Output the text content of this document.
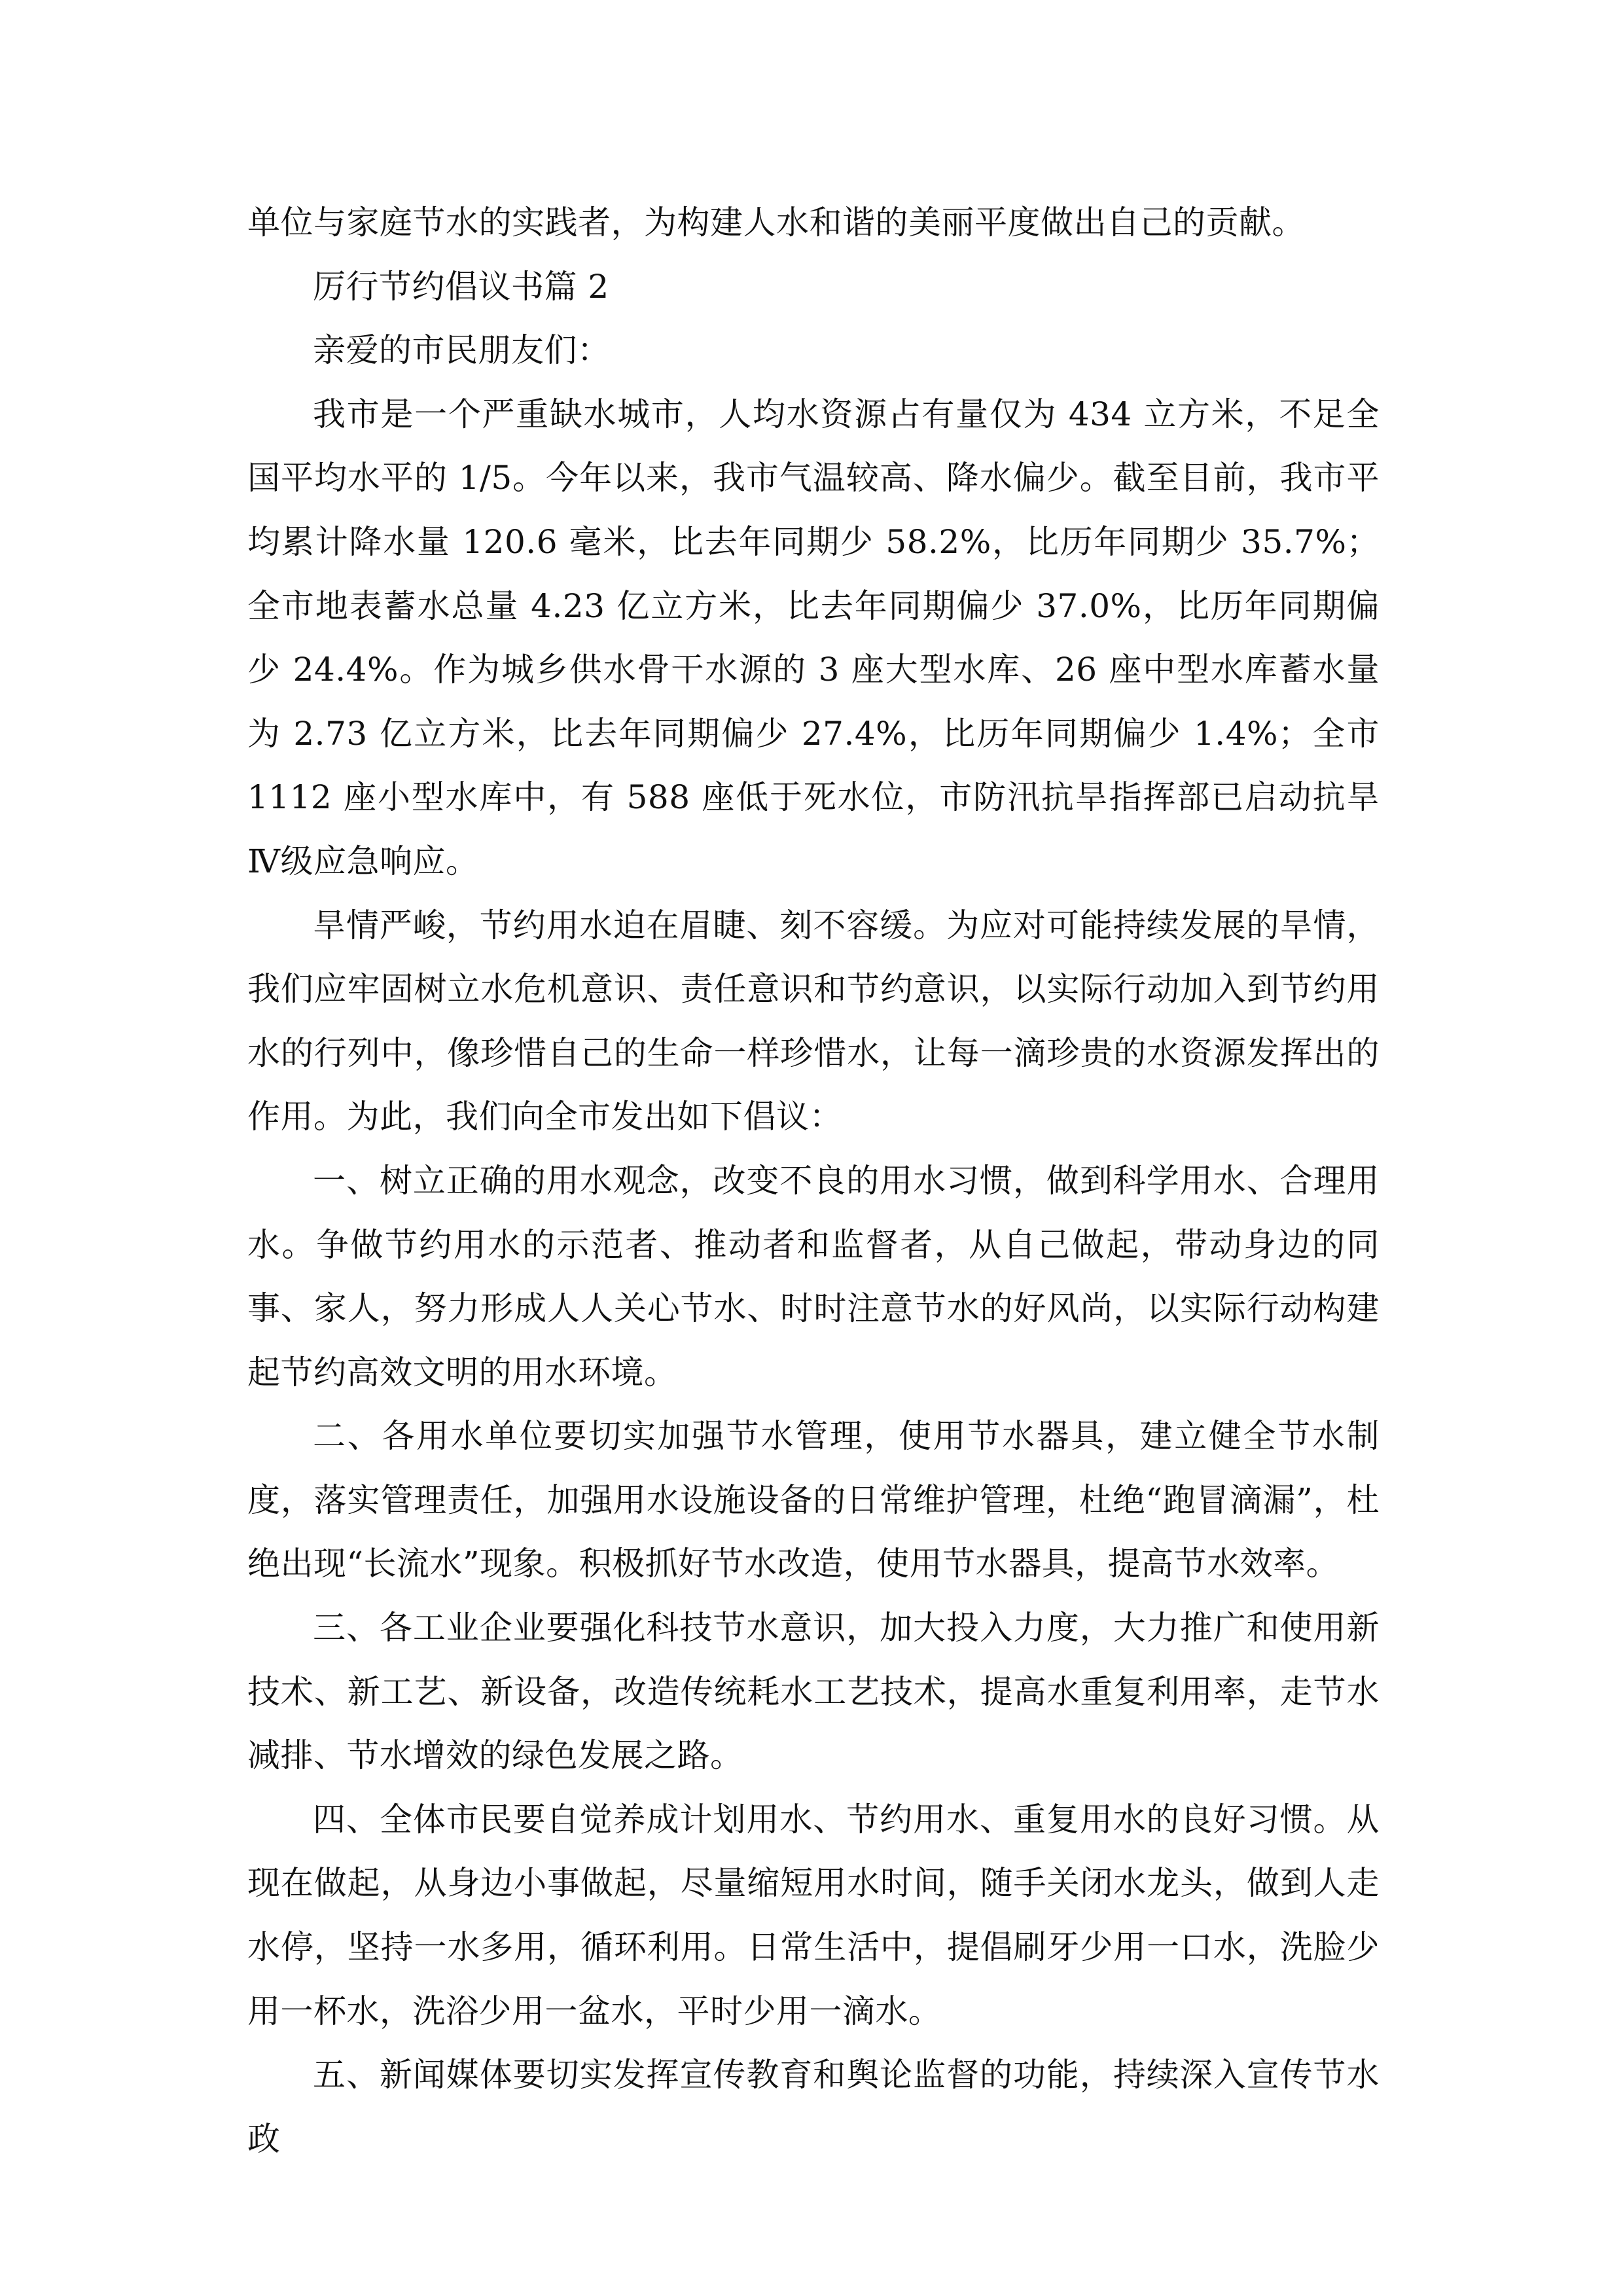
单位与家庭节水的实践者，为构建人水和谐的美丽平度做出自己的贡献。

厉行节约倡议书篇 2

亲爱的市民朋友们：

我市是一个严重缺水城市，人均水资源占有量仅为 434 立方米，不足全国平均水平的 1/5。今年以来，我市气温较高、降水偏少。截至目前，我市平均累计降水量 120.6 毫米，比去年同期少 58.2%，比历年同期少 35.7%；全市地表蓄水总量 4.23 亿立方米，比去年同期偏少 37.0%，比历年同期偏少 24.4%。作为城乡供水骨干水源的 3 座大型水库、26 座中型水库蓄水量为 2.73 亿立方米，比去年同期偏少 27.4%，比历年同期偏少 1.4%；全市 1112 座小型水库中，有 588 座低于死水位，市防汛抗旱指挥部已启动抗旱Ⅳ级应急响应。

旱情严峻，节约用水迫在眉睫、刻不容缓。为应对可能持续发展的旱情，我们应牢固树立水危机意识、责任意识和节约意识，以实际行动加入到节约用水的行列中，像珍惜自己的生命一样珍惜水，让每一滴珍贵的水资源发挥出的作用。为此，我们向全市发出如下倡议：

一、树立正确的用水观念，改变不良的用水习惯，做到科学用水、合理用水。争做节约用水的示范者、推动者和监督者，从自己做起，带动身边的同事、家人，努力形成人人关心节水、时时注意节水的好风尚，以实际行动构建起节约高效文明的用水环境。

二、各用水单位要切实加强节水管理，使用节水器具，建立健全节水制度，落实管理责任，加强用水设施设备的日常维护管理，杜绝“跑冒滴漏”，杜绝出现“长流水”现象。积极抓好节水改造，使用节水器具，提高节水效率。

三、各工业企业要强化科技节水意识，加大投入力度，大力推广和使用新技术、新工艺、新设备，改造传统耗水工艺技术，提高水重复利用率，走节水减排、节水增效的绿色发展之路。

四、全体市民要自觉养成计划用水、节约用水、重复用水的良好习惯。从现在做起，从身边小事做起，尽量缩短用水时间，随手关闭水龙头，做到人走水停，坚持一水多用，循环利用。日常生活中，提倡刷牙少用一口水，洗脸少用一杯水，洗浴少用一盆水，平时少用一滴水。

五、新闻媒体要切实发挥宣传教育和舆论监督的功能，持续深入宣传节水政
